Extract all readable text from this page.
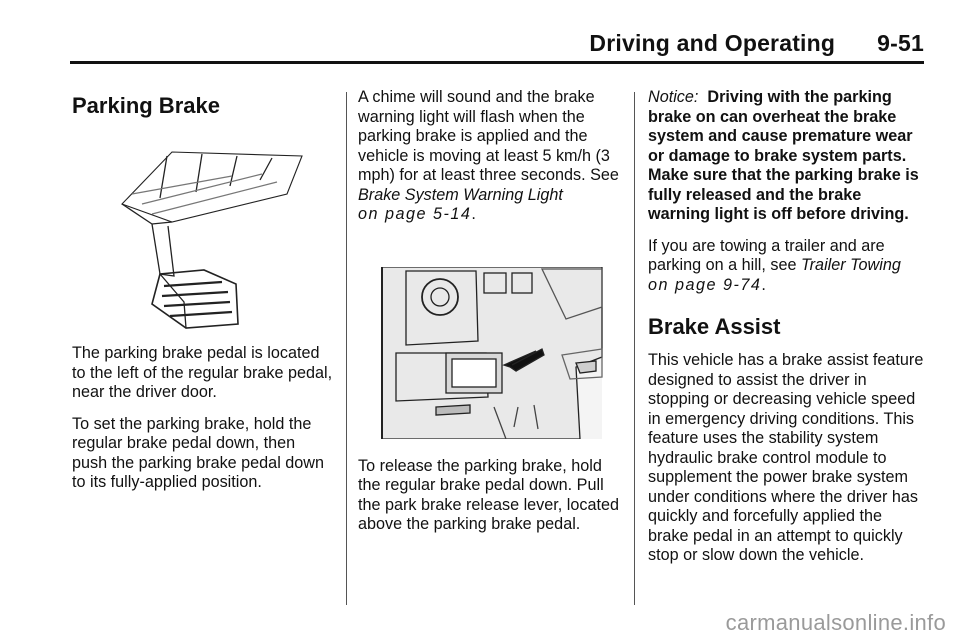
Driving and Operating 9-51
Parking Brake

The parking brake pedal is located to the left of the regular brake pedal, near the driver door.

To set the parking brake, hold the regular brake pedal down, then push the parking brake pedal down to its fully-applied position.

A chime will sound and the brake warning light will flash when the parking brake is applied and the vehicle is moving at least 5 km/h (3 mph) for at least three seconds. See Brake System Warning Light
on page 5-14.

To release the parking brake, hold the regular brake pedal down. Pull the park brake release lever, located above the parking brake pedal.

Notice: Driving with the parking brake on can overheat the brake system and cause premature wear or damage to brake system parts. Make sure that the parking brake is fully released and the brake warning light is off before driving.

If you are towing a trailer and are parking on a hill, see Trailer Towing
on page 9-74.

Brake Assist

This vehicle has a brake assist feature designed to assist the driver in stopping or decreasing vehicle speed in emergency driving conditions. This feature uses the stability system hydraulic brake control module to supplement the power brake system under conditions where the driver has quickly and forcefully applied the brake pedal in an attempt to quickly stop or slow down the vehicle.

carmanualsonline.info
